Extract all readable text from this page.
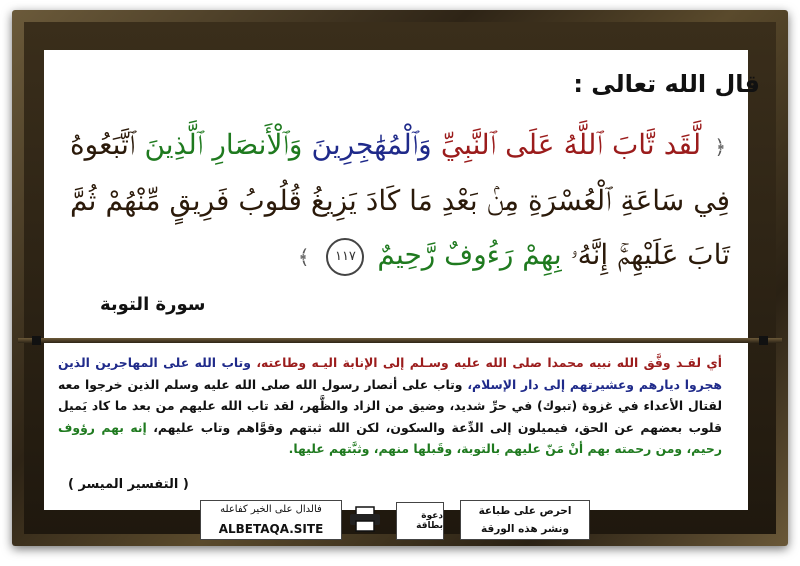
قال الله تعالى :
﴿ لَّقَد تَّابَ ٱللَّهُ عَلَى ٱلنَّبِيِّ وَٱلْمُهَٰجِرِينَ وَٱلْأَنصَارِ ٱلَّذِينَ ٱتَّبَعُوهُ فِي سَاعَةِ ٱلْعُسْرَةِ مِنۢ بَعْدِ مَا كَادَ يَزِيغُ قُلُوبُ فَرِيقٍ مِّنْهُمْ ثُمَّ تَابَ عَلَيْهِمْۚ إِنَّهُۥ بِهِمْ رَءُوفٌ رَّحِيمٌ ١١٧ ﴾
سورة التوبة
أي لقـد وفَّق الله نبيه محمدا صلى الله عليه وسـلم إلى الإنابة اليـه وطاعته، وتاب الله على المهاجرين الذين هجروا ديارهم وعشيرتهم إلى دار الإسلام، وتاب على أنصار رسول الله صلى الله عليه وسلم الذين خرجوا معه لقتال الأعداء في غزوة (تبوك) في حرِّ شديد، وضيق من الزاد والظَّهر، لقد تاب الله عليهم من بعد ما كاد يَميل قلوب بعضهم عن الحق، فيميلون إلى الدِّعة والسكون، لكن الله ثبتهم وقوَّاهم وتاب عليهم، إنه بهم رؤوف رحيم، ومن رحمته بهم أنْ مَنّ عليهم بالتوبة، وقَبلها منهم، وثبَّتهم عليها.
( التفسير الميسر )
فالدال على الخير كفاعله
ALBETAQA.SITE
دعوة بطاقة
احرص على طباعة
ونشر هذه الورقة
